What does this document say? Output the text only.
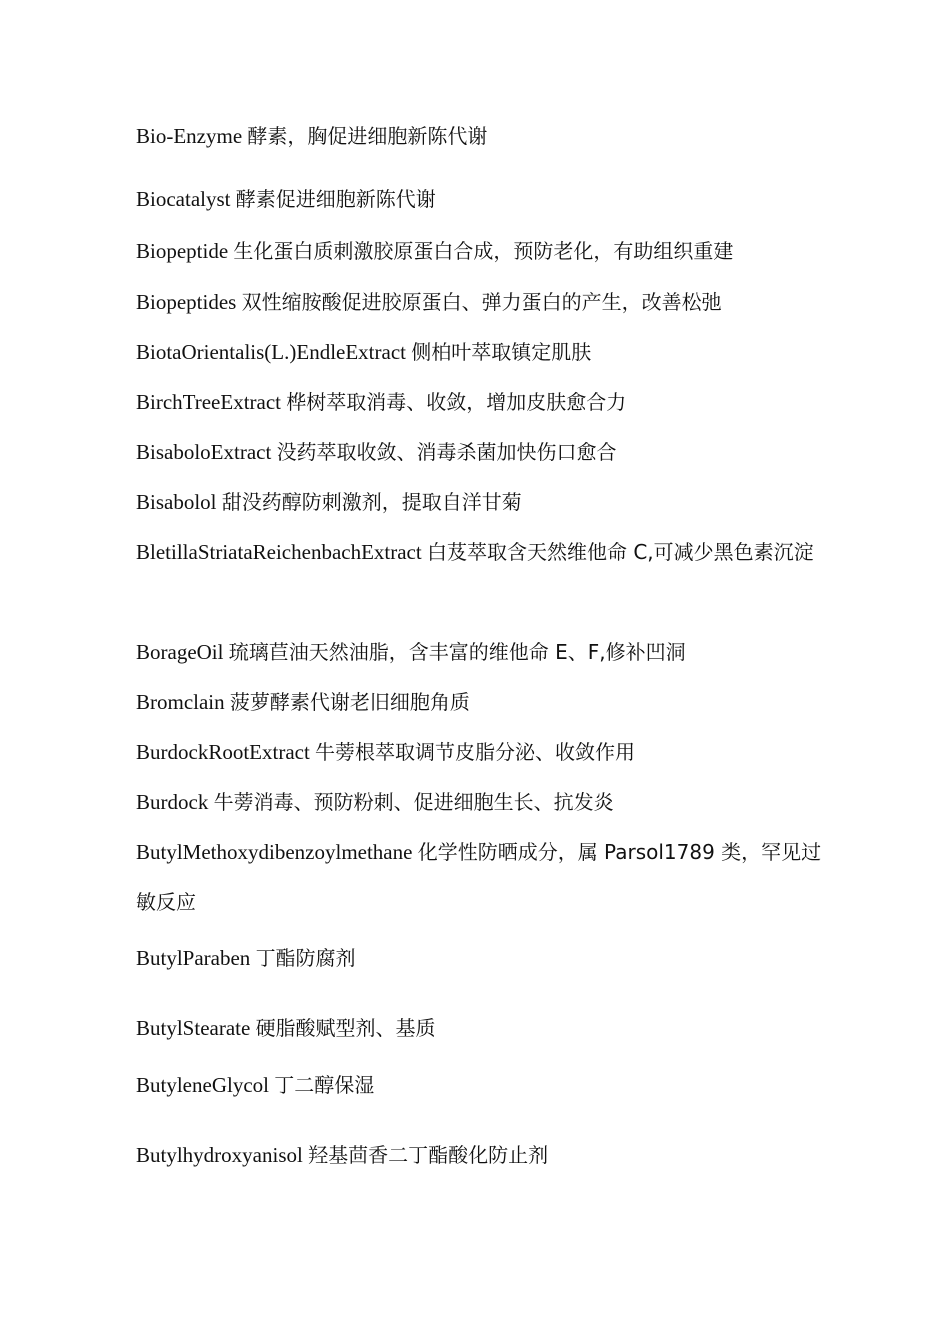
Bio-Enzyme 酵素，胸促进细胞新陈代谢

Biocatalyst 酵素促进细胞新陈代谢

Biopeptide 生化蛋白质刺激胶原蛋白合成，预防老化，有助组织重建

Biopeptides 双性缩胺酸促进胶原蛋白、弹力蛋白的产生，改善松弛

BiotaOrientalis(L.)EndleExtract 侧柏叶萃取镇定肌肤

BirchTreeExtract 桦树萃取消毒、收敛，增加皮肤愈合力

BisaboloExtract 没药萃取收敛、消毒杀菌加快伤口愈合

Bisabolol 甜没药醇防刺激剂，提取自洋甘菊

BletillaStriataReichenbachExtract 白芨萃取含天然维他命 C,可减少黑色素沉淀

BorageOil 琉璃苣油天然油脂，含丰富的维他命 E、F,修补凹洞

Bromclain 菠萝酵素代谢老旧细胞角质

BurdockRootExtract 牛蒡根萃取调节皮脂分泌、收敛作用

Burdock 牛蒡消毒、预防粉刺、促进细胞生长、抗发炎

ButylMethoxydibenzoylmethane 化学性防晒成分，属 Parsol1789 类，罕见过敏反应

ButylParaben 丁酯防腐剂

ButylStearate 硬脂酸赋型剂、基质

ButyleneGlycol 丁二醇保湿

Butylhydroxyanisol 羟基茴香二丁酯酸化防止剂
